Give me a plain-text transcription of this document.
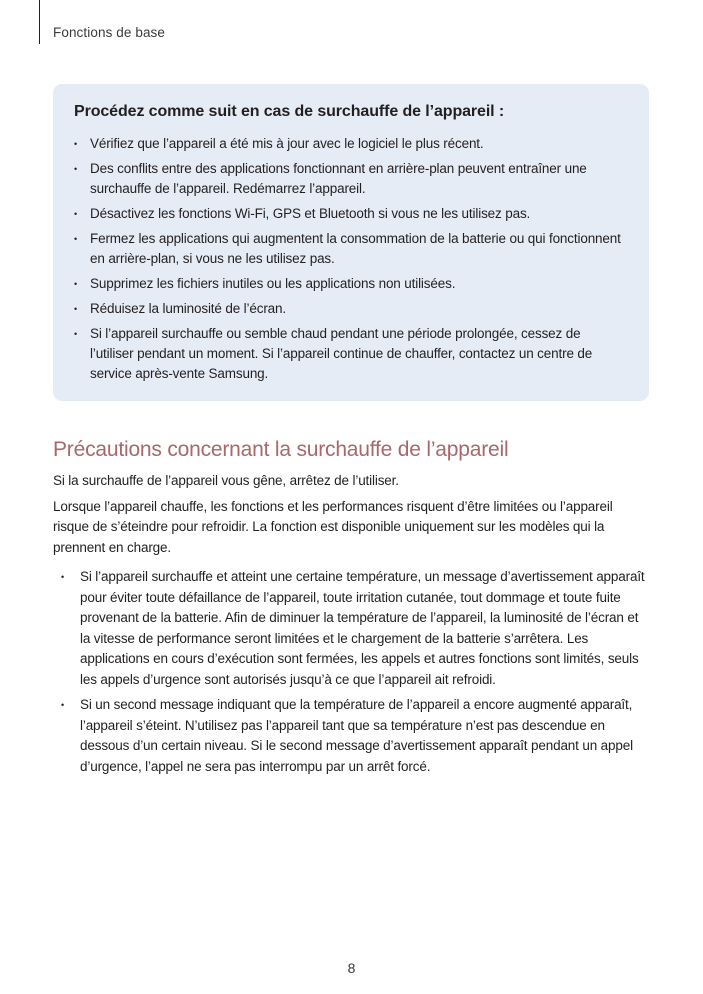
Fonctions de base
Procédez comme suit en cas de surchauffe de l’appareil :
• Vérifiez que l’appareil a été mis à jour avec le logiciel le plus récent.
• Des conflits entre des applications fonctionnant en arrière-plan peuvent entraîner une surchauffe de l’appareil. Redémarrez l’appareil.
• Désactivez les fonctions Wi-Fi, GPS et Bluetooth si vous ne les utilisez pas.
• Fermez les applications qui augmentent la consommation de la batterie ou qui fonctionnent en arrière-plan, si vous ne les utilisez pas.
• Supprimez les fichiers inutiles ou les applications non utilisées.
• Réduisez la luminosité de l’écran.
• Si l’appareil surchauffe ou semble chaud pendant une période prolongée, cessez de l’utiliser pendant un moment. Si l’appareil continue de chauffer, contactez un centre de service après-vente Samsung.
Précautions concernant la surchauffe de l’appareil

Si la surchauffe de l’appareil vous gêne, arrêtez de l’utiliser.

Lorsque l’appareil chauffe, les fonctions et les performances risquent d’être limitées ou l’appareil risque de s’éteindre pour refroidir. La fonction est disponible uniquement sur les modèles qui la prennent en charge.

• Si l’appareil surchauffe et atteint une certaine température, un message d’avertissement apparaît pour éviter toute défaillance de l’appareil, toute irritation cutanée, tout dommage et toute fuite provenant de la batterie. Afin de diminuer la température de l’appareil, la luminosité de l’écran et la vitesse de performance seront limitées et le chargement de la batterie s’arrêtera. Les applications en cours d’exécution sont fermées, les appels et autres fonctions sont limités, seuls les appels d’urgence sont autorisés jusqu’à ce que l’appareil ait refroidi.
• Si un second message indiquant que la température de l’appareil a encore augmenté apparaît, l’appareil s’éteint. N’utilisez pas l’appareil tant que sa température n’est pas descendue en dessous d’un certain niveau. Si le second message d’avertissement apparaît pendant un appel d’urgence, l’appel ne sera pas interrompu par un arrêt forcé.
8
